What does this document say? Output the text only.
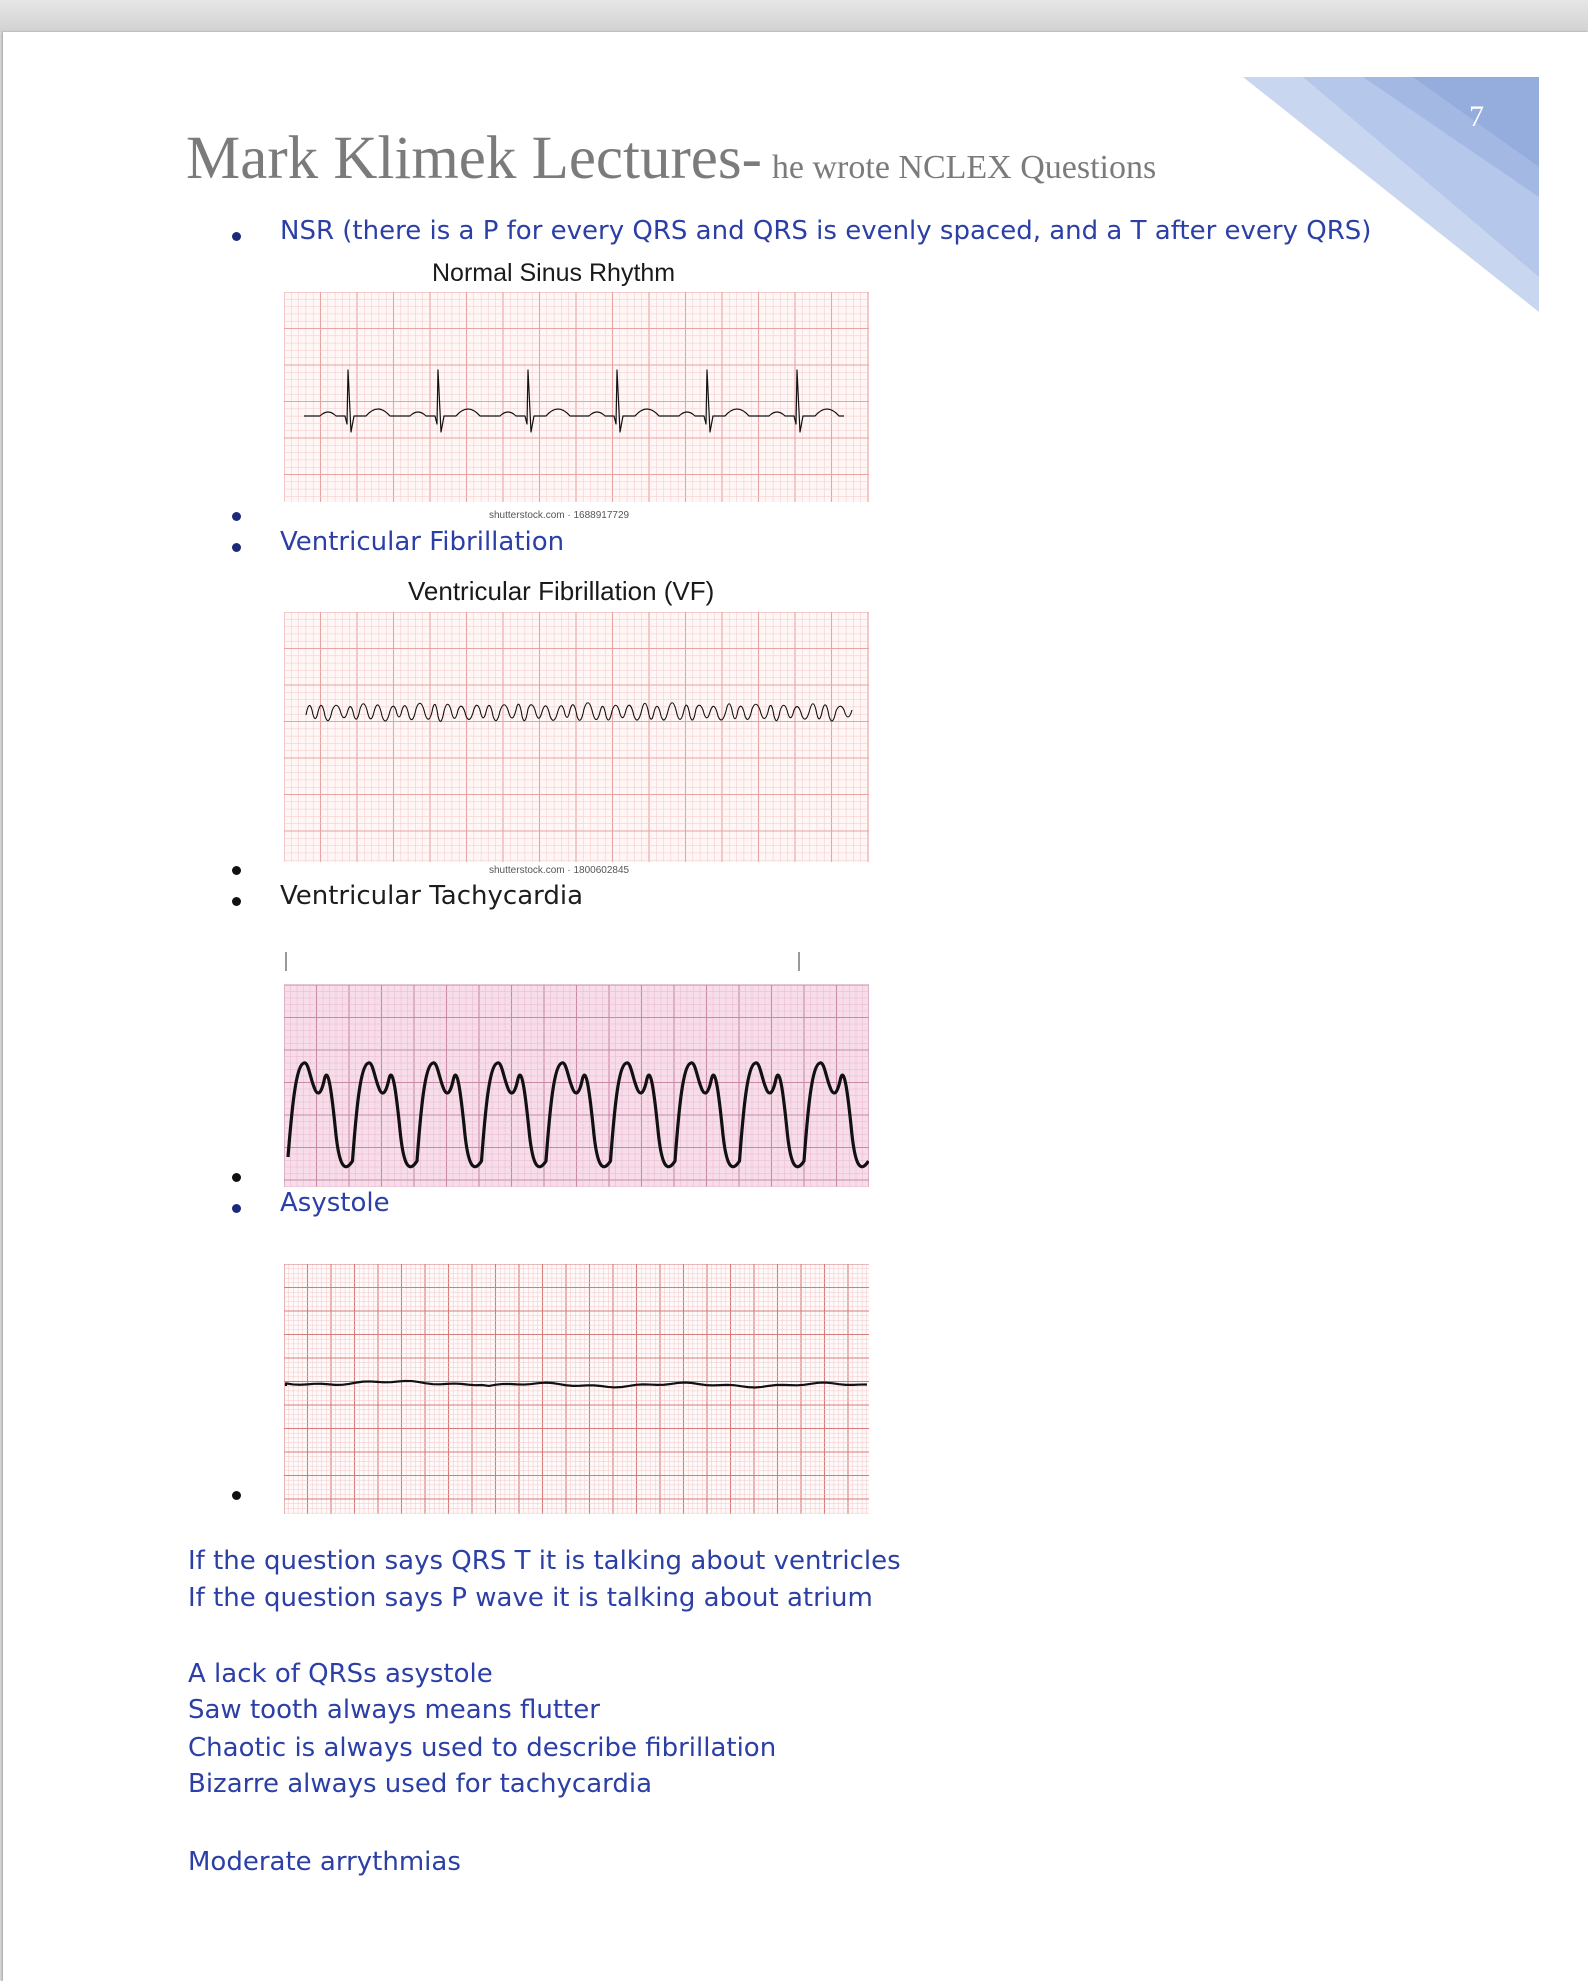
7
Mark Klimek Lectures- he wrote NCLEX Questions
NSR (there is a P for every QRS and QRS is evenly spaced, and a T after every QRS)
Normal Sinus Rhythm
shutterstock.com · 1688917729
Ventricular Fibrillation
Ventricular Fibrillation (VF)
shutterstock.com · 1800602845
Ventricular Tachycardia
Asystole
If the question says QRS T it is talking about ventricles
If the question says P wave it is talking about atrium
A lack of QRSs asystole
Saw tooth always means flutter
Chaotic is always used to describe fibrillation
Bizarre always used for tachycardia
Moderate arrythmias
